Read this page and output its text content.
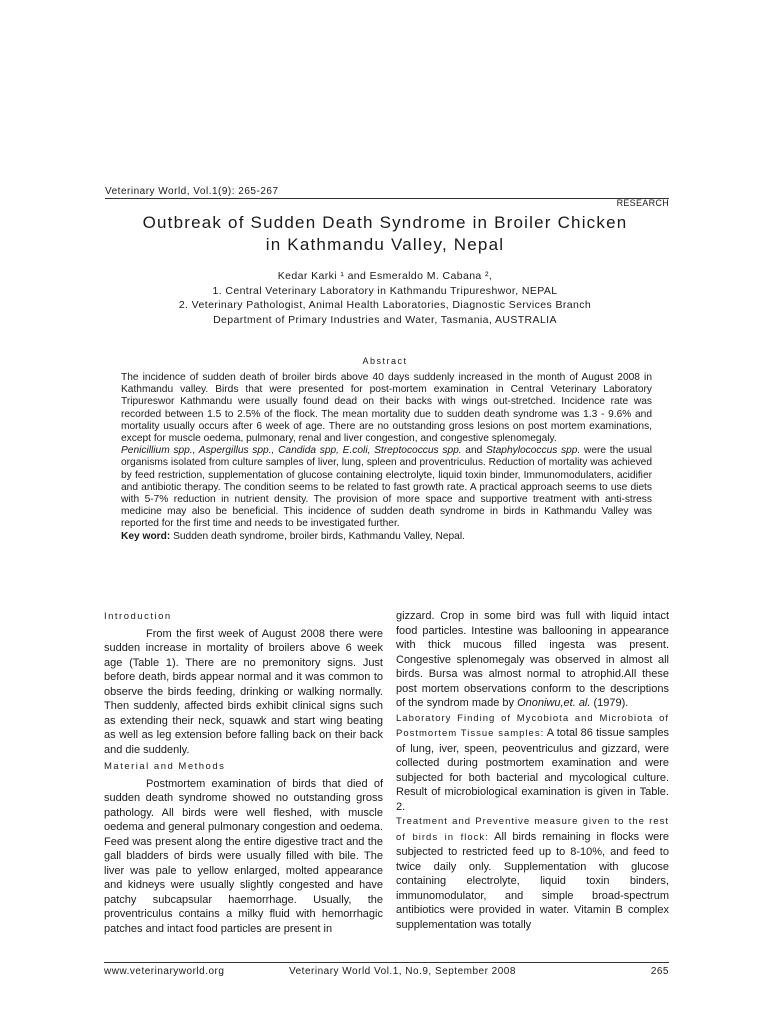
Veterinary World, Vol.1(9): 265-267
RESEARCH
Outbreak of Sudden Death Syndrome in Broiler Chicken
in Kathmandu Valley, Nepal
Kedar Karki ¹ and Esmeraldo M. Cabana ²,
1. Central Veterinary Laboratory in Kathmandu Tripureshwor, NEPAL
2. Veterinary Pathologist, Animal Health Laboratories, Diagnostic Services Branch
Department of Primary Industries and Water, Tasmania, AUSTRALIA
Abstract

The incidence of sudden death of broiler birds above 40 days suddenly increased in the month of August 2008 in Kathmandu valley. Birds that were presented for post-mortem examination in Central Veterinary Laboratory Tripureswor Kathmandu were usually found dead on their backs with wings out-stretched. Incidence rate was recorded between 1.5 to 2.5% of the flock. The mean mortality due to sudden death syndrome was 1.3 - 9.6% and mortality usually occurs after 6 week of age. There are no outstanding gross lesions on post mortem examinations, except for muscle oedema, pulmonary, renal and liver congestion, and congestive splenomegaly.

Penicillium spp., Aspergillus spp., Candida spp, E.coli, Streptococcus spp. and Staphylococcus spp. were the usual organisms isolated from culture samples of liver, lung, spleen and proventriculus. Reduction of mortality was achieved by feed restriction, supplementation of glucose containing electrolyte, liquid toxin binder, Immunomodulaters, acidifier and antibiotic therapy. The condition seems to be related to fast growth rate. A practical approach seems to use diets with 5-7% reduction in nutrient density. The provision of more space and supportive treatment with anti-stress medicine may also be beneficial. This incidence of sudden death syndrome in birds in Kathmandu Valley was reported for the first time and needs to be investigated further.

Key word: Sudden death syndrome, broiler birds, Kathmandu Valley, Nepal.

Introduction

From the first week of August 2008 there were sudden increase in mortality of broilers above 6 week age (Table 1). There are no premonitory signs. Just before death, birds appear normal and it was common to observe the birds feeding, drinking or walking normally. Then suddenly, affected birds exhibit clinical signs such as extending their neck, squawk and start wing beating as well as leg extension before falling back on their back and die suddenly.

Material and Methods

Postmortem examination of birds that died of sudden death syndrome showed no outstanding gross pathology. All birds were well fleshed, with muscle oedema and general pulmonary congestion and oedema. Feed was present along the entire digestive tract and the gall bladders of birds were usually filled with bile. The liver was pale to yellow enlarged, molted appearance and kidneys were usually slightly congested and have patchy subcapsular haemorrhage. Usually, the proventriculus contains a milky fluid with hemorrhagic patches and intact food particles are present in

gizzard. Crop in some bird was full with liquid intact food particles. Intestine was ballooning in appearance with thick mucous filled ingesta was present. Congestive splenomegaly was observed in almost all birds. Bursa was almost normal to atrophid.All these post mortem observations conform to the descriptions of the syndrom made by Ononiwu,et. al. (1979).

Laboratory Finding of Mycobiota and Microbiota of Postmortem Tissue samples: A total 86 tissue samples of lung, iver, speen, peoventriculus and gizzard, were collected during postmortem examination and were subjected for both bacterial and mycological culture. Result of microbiological examination is given in Table. 2.

Treatment and Preventive measure given to the rest of birds in flock: All birds remaining in flocks were subjected to restricted feed up to 8-10%, and feed to twice daily only. Supplementation with glucose containing electrolyte, liquid toxin binders, immunomodulator, and simple broad-spectrum antibiotics were provided in water. Vitamin B complex supplementation was totally

www.veterinaryworld.org	Veterinary World Vol.1, No.9, September 2008	265
